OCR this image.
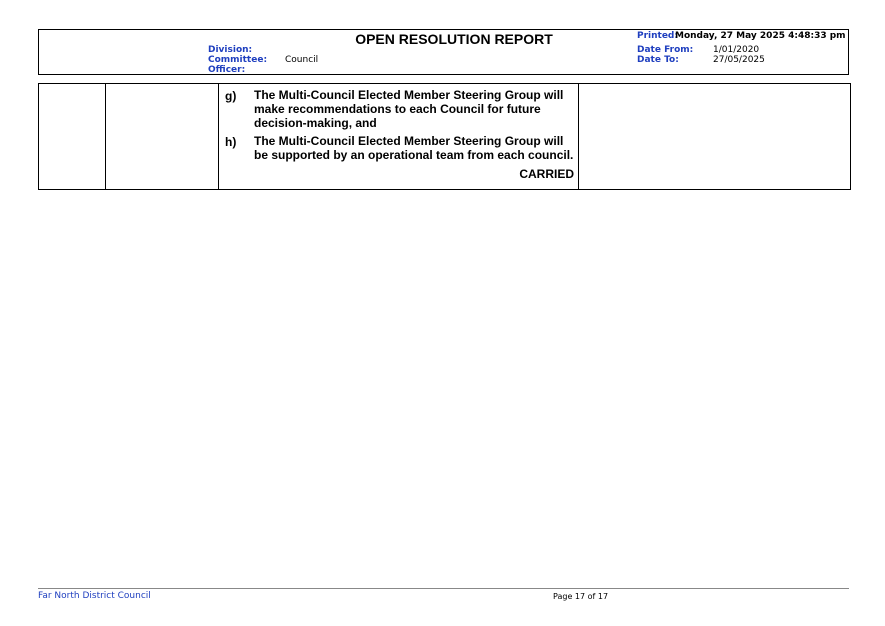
OPEN RESOLUTION REPORT
Division:
Committee: Council
Officer:
Printed:
Monday, 27 May 2025 4:48:33 pm
Date From: 1/01/2020
Date To:	27/05/2025
g) The Multi-Council Elected Member Steering Group will make recommendations to each Council for future decision-making, and
h) The Multi-Council Elected Member Steering Group will be supported by an operational team from each council.
CARRIED
Far North District Council	Page 17 of 17
